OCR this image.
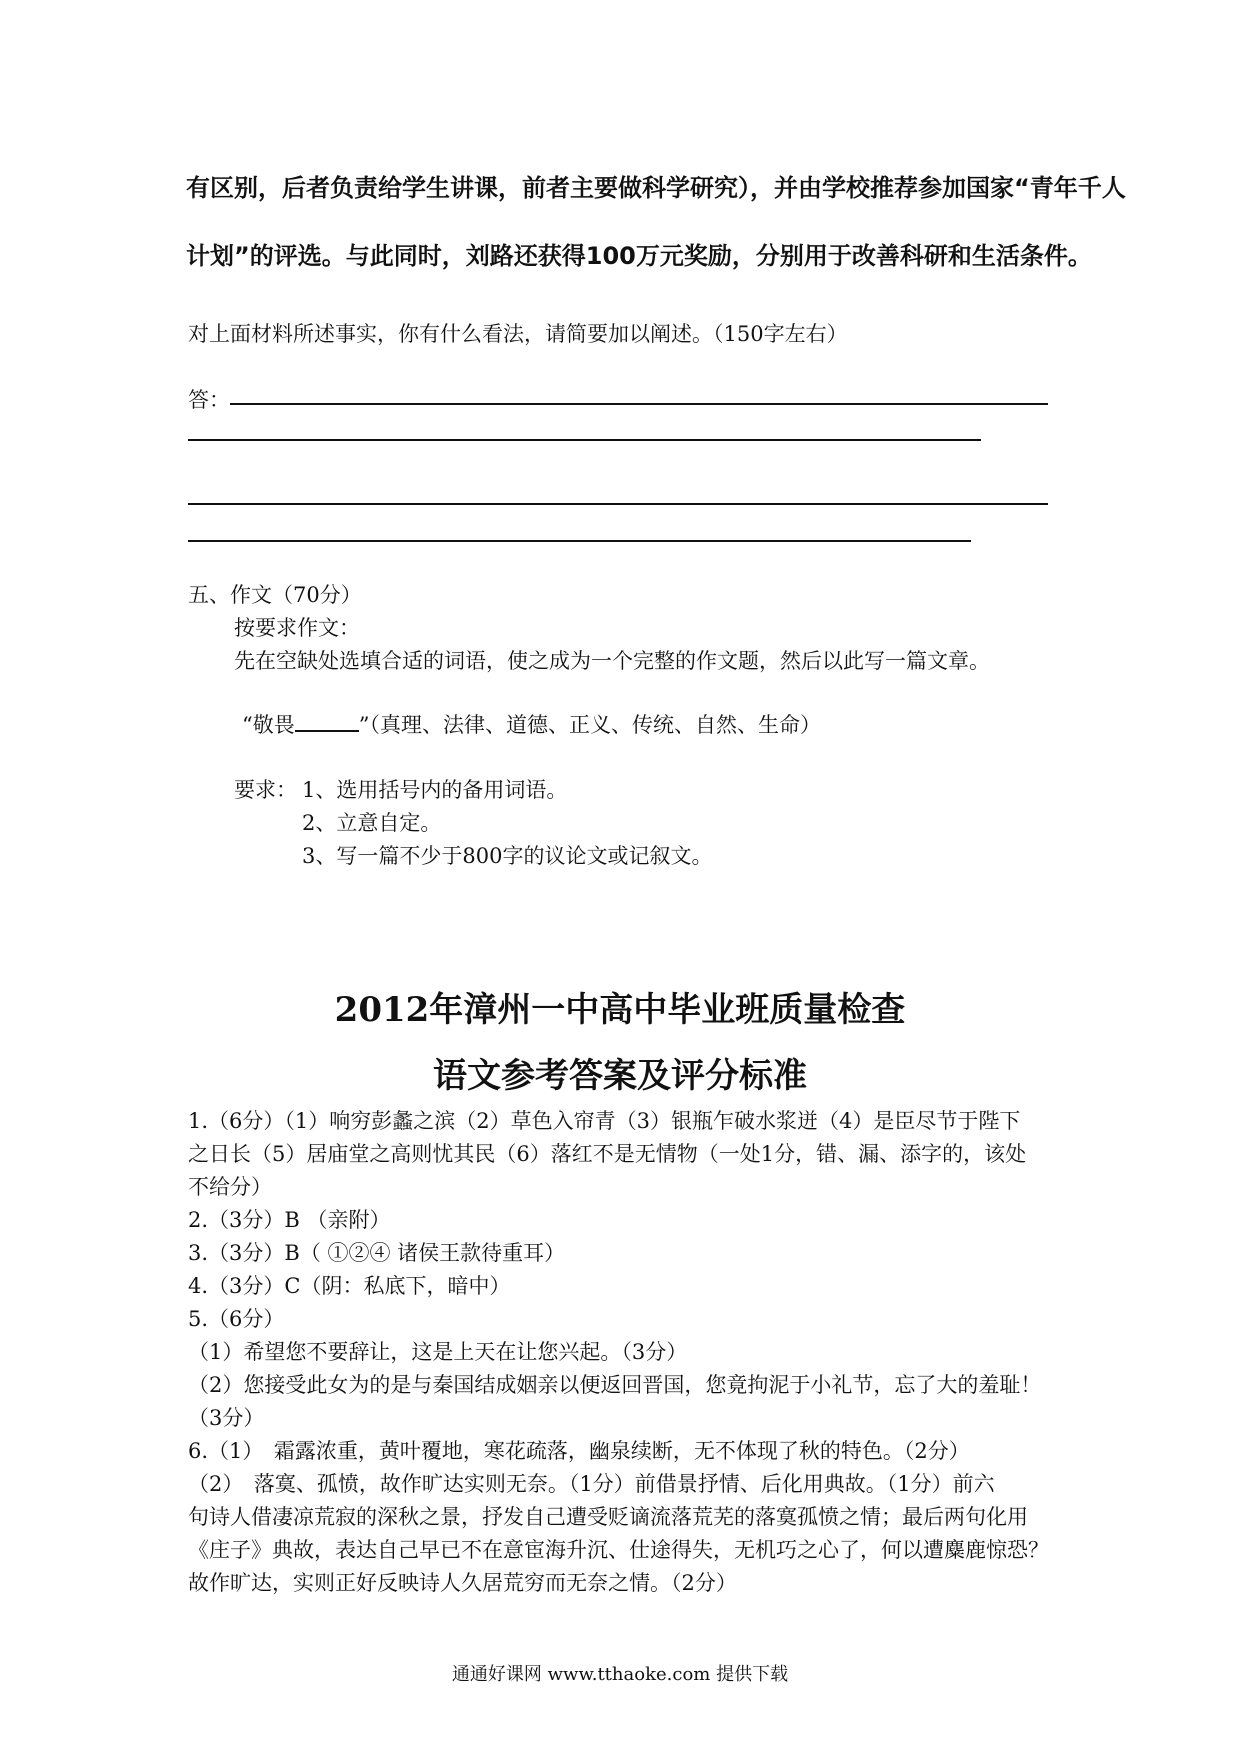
有区别，后者负责给学生讲课，前者主要做科学研究），并由学校推荐参加国家“青年千人
计划”的评选。与此同时，刘路还获得100万元奖励，分别用于改善科研和生活条件。
对上面材料所述事实，你有什么看法，请简要加以阐述。（150字左右）
答：
五、作文（70分）
按要求作文：
先在空缺处选填合适的词语，使之成为一个完整的作文题，然后以此写一篇文章。
“敬畏	”（真理、法律、道德、正义、传统、自然、生命）
要求： 1、选用括号内的备用词语。
2、立意自定。
3、写一篇不少于800字的议论文或记叙文。
2012年漳州一中高中毕业班质量检查
语文参考答案及评分标准
1.（6分）（1）响穷彭蠡之滨（2）草色入帘青（3）银瓶乍破水浆迸（4）是臣尽节于陛下
之日长（5）居庙堂之高则忧其民（6）落红不是无情物（一处1分，错、漏、添字的，该处
不给分）
2.（3分）B （亲附）
3.（3分）B（ ①②④ 诸侯王款待重耳）
4.（3分）C（阴：私底下，暗中）
5.（6分）
（1）希望您不要辞让，这是上天在让您兴起。（3分）
（2）您接受此女为的是与秦国结成姻亲以便返回晋国，您竟拘泥于小礼节，忘了大的羞耻！
（3分）
6.（1）　霜露浓重，黄叶覆地，寒花疏落，幽泉续断，无不体现了秋的特色。（2分）
（2）　落寞、孤愤，故作旷达实则无奈。（1分）前借景抒情、后化用典故。（1分）前六
句诗人借凄凉荒寂的深秋之景，抒发自己遭受贬谪流落荒芜的落寞孤愤之情；最后两句化用
《庄子》典故，表达自己早已不在意宦海升沉、仕途得失，无机巧之心了，何以遭麋鹿惊恐？
故作旷达，实则正好反映诗人久居荒穷而无奈之情。（2分）
通通好课网 www.tthaoke.com 提供下载
